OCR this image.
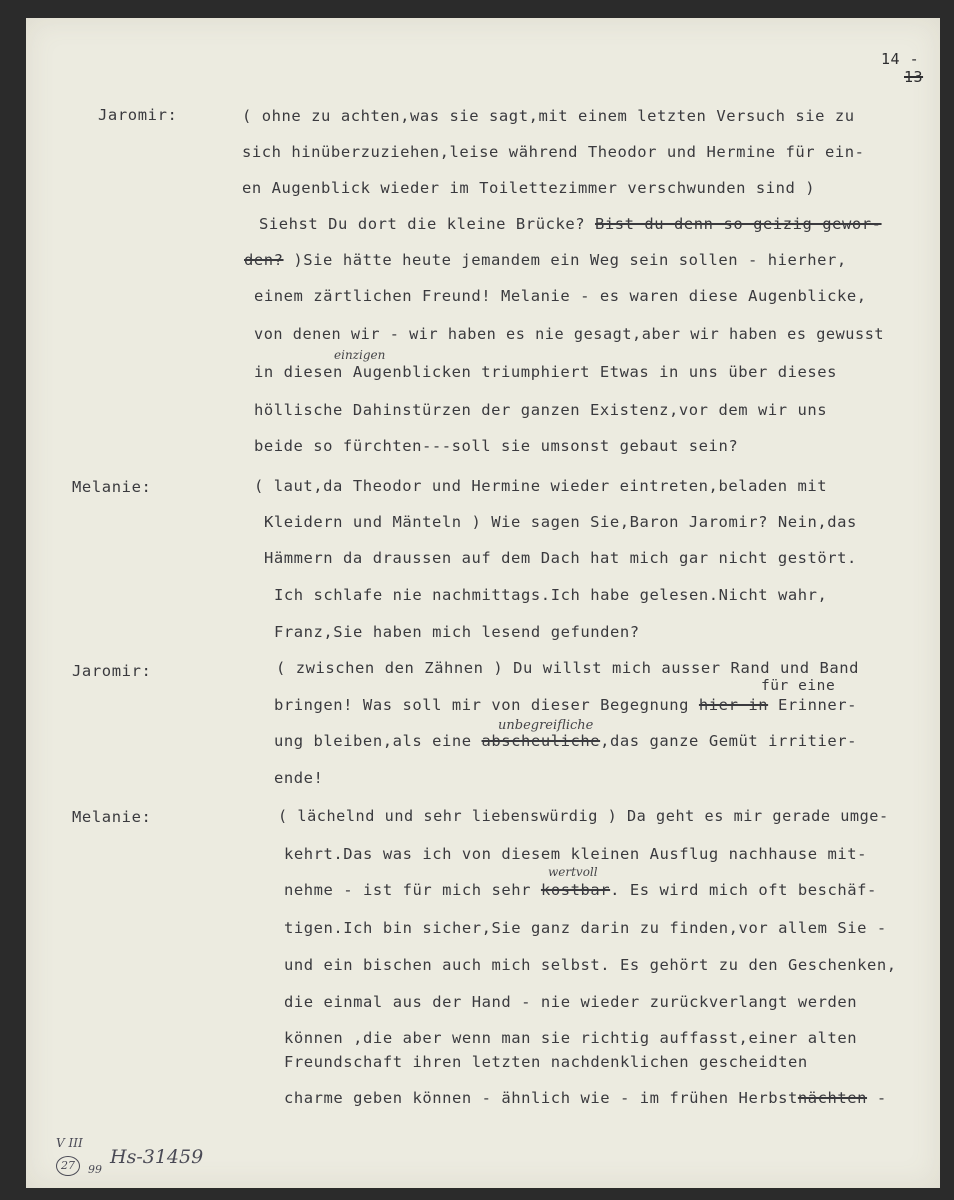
14 -
13
Jaromir:
Melanie:
Jaromir:
Melanie:
( ohne zu achten,was sie sagt,mit einem letzten Versuch sie zu
sich hinüberzuziehen,leise während Theodor und Hermine für ein-
en Augenblick wieder im Toilettezimmer verschwunden sind )
Siehst Du dort die kleine Brücke? Bist du denn so geizig gewor-
den? )Sie hätte heute jemandem ein Weg sein sollen - hierher,
einem zärtlichen Freund! Melanie - es waren diese Augenblicke,
von denen wir - wir haben es nie gesagt,aber wir haben es gewusst
einzigen
in diesen Augenblicken triumphiert Etwas in uns über dieses
höllische Dahinstürzen der ganzen Existenz,vor dem wir uns
beide so fürchten---soll sie umsonst gebaut sein?
( laut,da Theodor und Hermine wieder eintreten,beladen mit
Kleidern und Mänteln ) Wie sagen Sie,Baron Jaromir? Nein,das
Hämmern da draussen auf dem Dach hat mich gar nicht gestört.
Ich schlafe nie nachmittags.Ich habe gelesen.Nicht wahr,
Franz,Sie haben mich lesend gefunden?
( zwischen den Zähnen ) Du willst mich ausser Rand und Band
für eine
bringen! Was soll mir von dieser Begegnung hier in Erinner-
unbegreifliche
ung bleiben,als eine abscheuliche,das ganze Gemüt irritier-
ende!
( lächelnd und sehr liebenswürdig ) Da geht es mir gerade umge-
kehrt.Das was ich von diesem kleinen Ausflug nachhause mit-
wertvoll
nehme - ist für mich sehr kostbar. Es wird mich oft beschäf-
tigen.Ich bin sicher,Sie ganz darin zu finden,vor allem Sie -
und ein bischen auch mich selbst. Es gehört zu den Geschenken,
die einmal aus der Hand - nie wieder zurückverlangt werden
können ,die aber wenn man sie richtig auffasst,einer alten
Freundschaft ihren letzten nachdenklichen gescheidten
charme geben können - ähnlich wie - im frühen Herbstnächten -
V III
27	99
Hs-31459
